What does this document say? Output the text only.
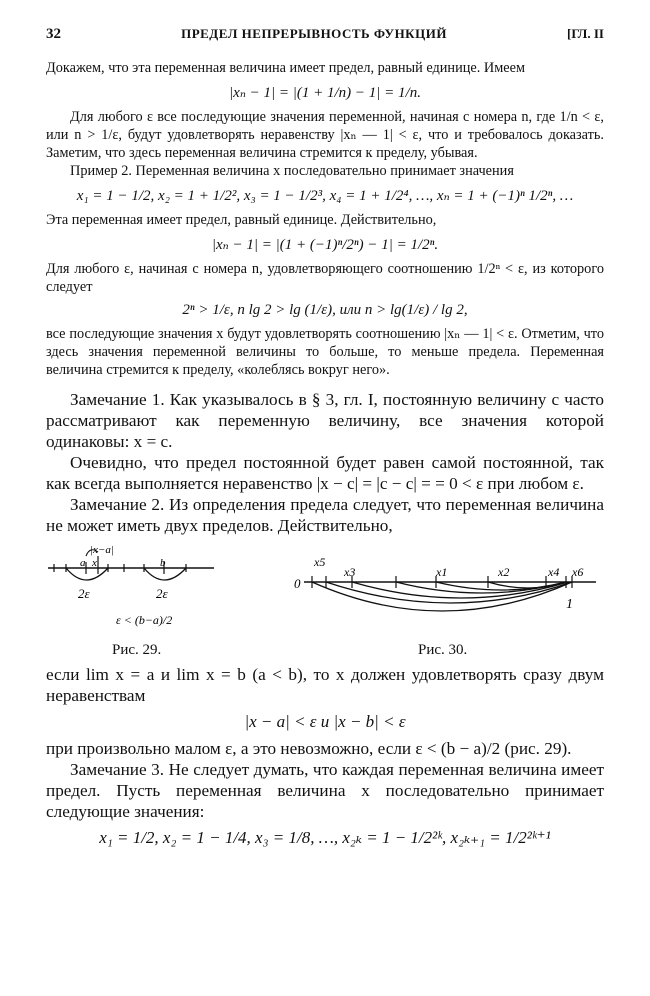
32	ПРЕДЕЛ НЕПРЕРЫВНОСТЬ ФУНКЦИЙ	[ГЛ. II

Докажем, что эта переменная величина имеет предел, равный единице. Имеем

|xₙ − 1| = |(1 + 1/n) − 1| = 1/n.

Для любого ε все последующие значения переменной, начиная с номера n, где 1/n < ε, или n > 1/ε, будут удовлетворять неравенству |xₙ — 1| < ε, что и требовалось доказать. Заметим, что здесь переменная величина стремится к пределу, убывая.

Пример 2. Переменная величина x последовательно принимает значения

x₁ = 1 − 1/2, x₂ = 1 + 1/2², x₃ = 1 − 1/2³, x₄ = 1 + 1/2⁴, …, xₙ = 1 + (−1)ⁿ 1/2ⁿ, …

Эта переменная имеет предел, равный единице. Действительно,

|xₙ − 1| = |(1 + (−1)ⁿ/2ⁿ) − 1| = 1/2ⁿ.

Для любого ε, начиная с номера n, удовлетворяющего соотношению 1/2ⁿ < ε, из которого следует

2ⁿ > 1/ε, n lg 2 > lg (1/ε), или n > lg(1/ε) / lg 2,

все последующие значения x будут удовлетворять соотношению |xₙ — 1| < ε. Отметим, что здесь значения переменной величины то больше, то меньше предела. Переменная величина стремится к пределу, «колеблясь вокруг него».

Замечание 1. Как указывалось в § 3, гл. I, постоянную величину c часто рассматривают как переменную величину, все значения которой одинаковы: x = c.

Очевидно, что предел постоянной будет равен самой постоянной, так как всегда выполняется неравенство |x − c| = |c − c| = = 0 < ε при любом ε.

Замечание 2. Из определения предела следует, что переменная величина не может иметь двух пределов. Действительно,

|x−a|
a x	b
2ε	2ε
ε < (b−a)/2
Рис. 29.
x5
x3	x1	x2	x4 x6
0
1
Рис. 30.

если lim x = a и lim x = b (a < b), то x должен удовлетворять сразу двум неравенствам

|x − a| < ε и |x − b| < ε

при произвольно малом ε, а это невозможно, если ε < (b − a)/2 (рис. 29).

Замечание 3. Не следует думать, что каждая переменная величина имеет предел. Пусть переменная величина x последовательно принимает следующие значения:

x₁ = 1/2, x₂ = 1 − 1/4, x₃ = 1/8, …, x₂ₖ = 1 − 1/2²ᵏ, x₂ₖ₊₁ = 1/2²ᵏ⁺¹
